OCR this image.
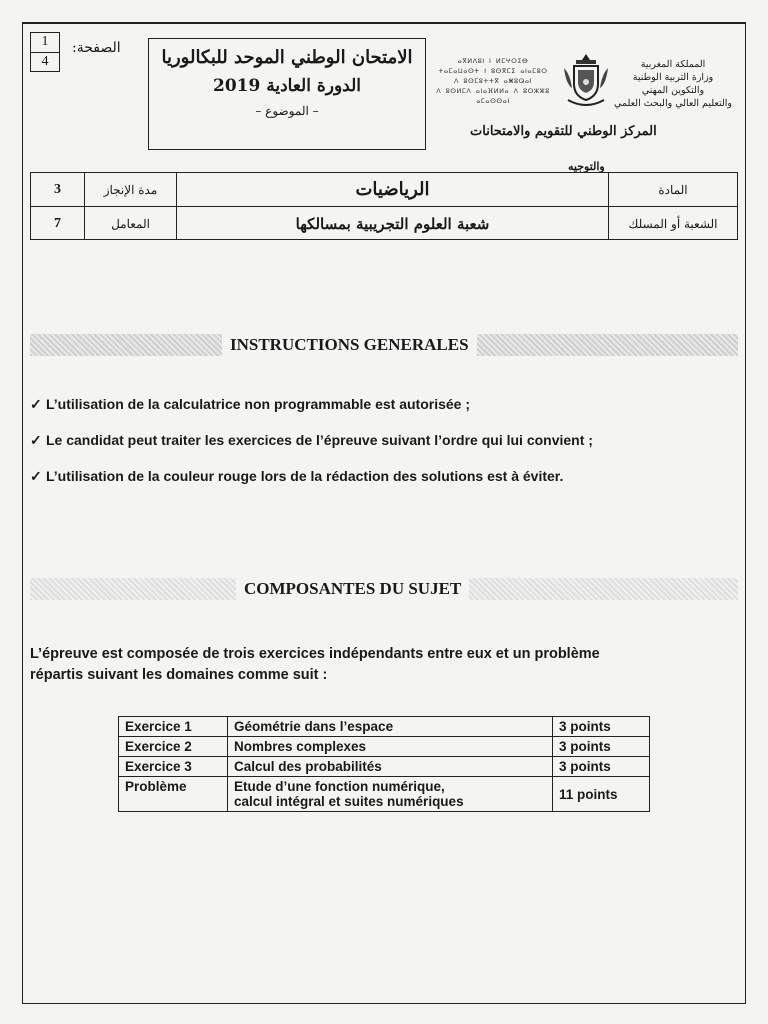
1
4
الصفحة:	الامتحان الوطني الموحد للبكالوريا
الدورة العادية 2019
– الموضوع –
ⴰⴳⵍⴷⵓⵏ ⵏ ⵍⵎⵖⵔⵉⴱ
ⵜⴰⵎⴰⵡⴰⵙⵜ ⵏ ⵓⵙⴳⵎⵉ ⴰⵏⴰⵎⵓⵔ
ⴷ ⵓⵙⵎⵓⵜⵜⴳ ⴰⵥⵓⵕⴰⵏ
ⴷ ⵓⵙⵍⵎⴷ ⴰⵏⴰⴼⵍⵍⴰ ⴷ ⵓⵔⵣⵣⵓ ⴰⵎⴰⵙⵙⴰⵏ
المملكة المغربية
وزارة التربية الوطنية
والتكوين المهني
والتعليم العالي والبحث العلمي
المركز الوطني للتقويم والامتحانات
والتوجيه
3	مدة الإنجاز	الرياضيات	المادة
7	المعامل	شعبة العلوم التجريبية بمسالكها	الشعبة أو المسلك
INSTRUCTIONS GENERALES
✓ L’utilisation de la calculatrice non programmable est autorisée ;
✓ Le candidat peut traiter les exercices de l’épreuve suivant l’ordre qui lui convient ;
✓ L’utilisation de la couleur rouge lors de la rédaction des solutions est à éviter.
COMPOSANTES DU SUJET
L’épreuve est composée de trois exercices indépendants entre eux et un problème
répartis suivant les domaines comme suit :
Exercice 1	Géométrie dans l’espace	3 points
Exercice 2	Nombres complexes	3 points
Exercice 3	Calcul des probabilités	3 points
Problème	Etude d’une fonction numérique,
calcul intégral et suites numériques	11 points
